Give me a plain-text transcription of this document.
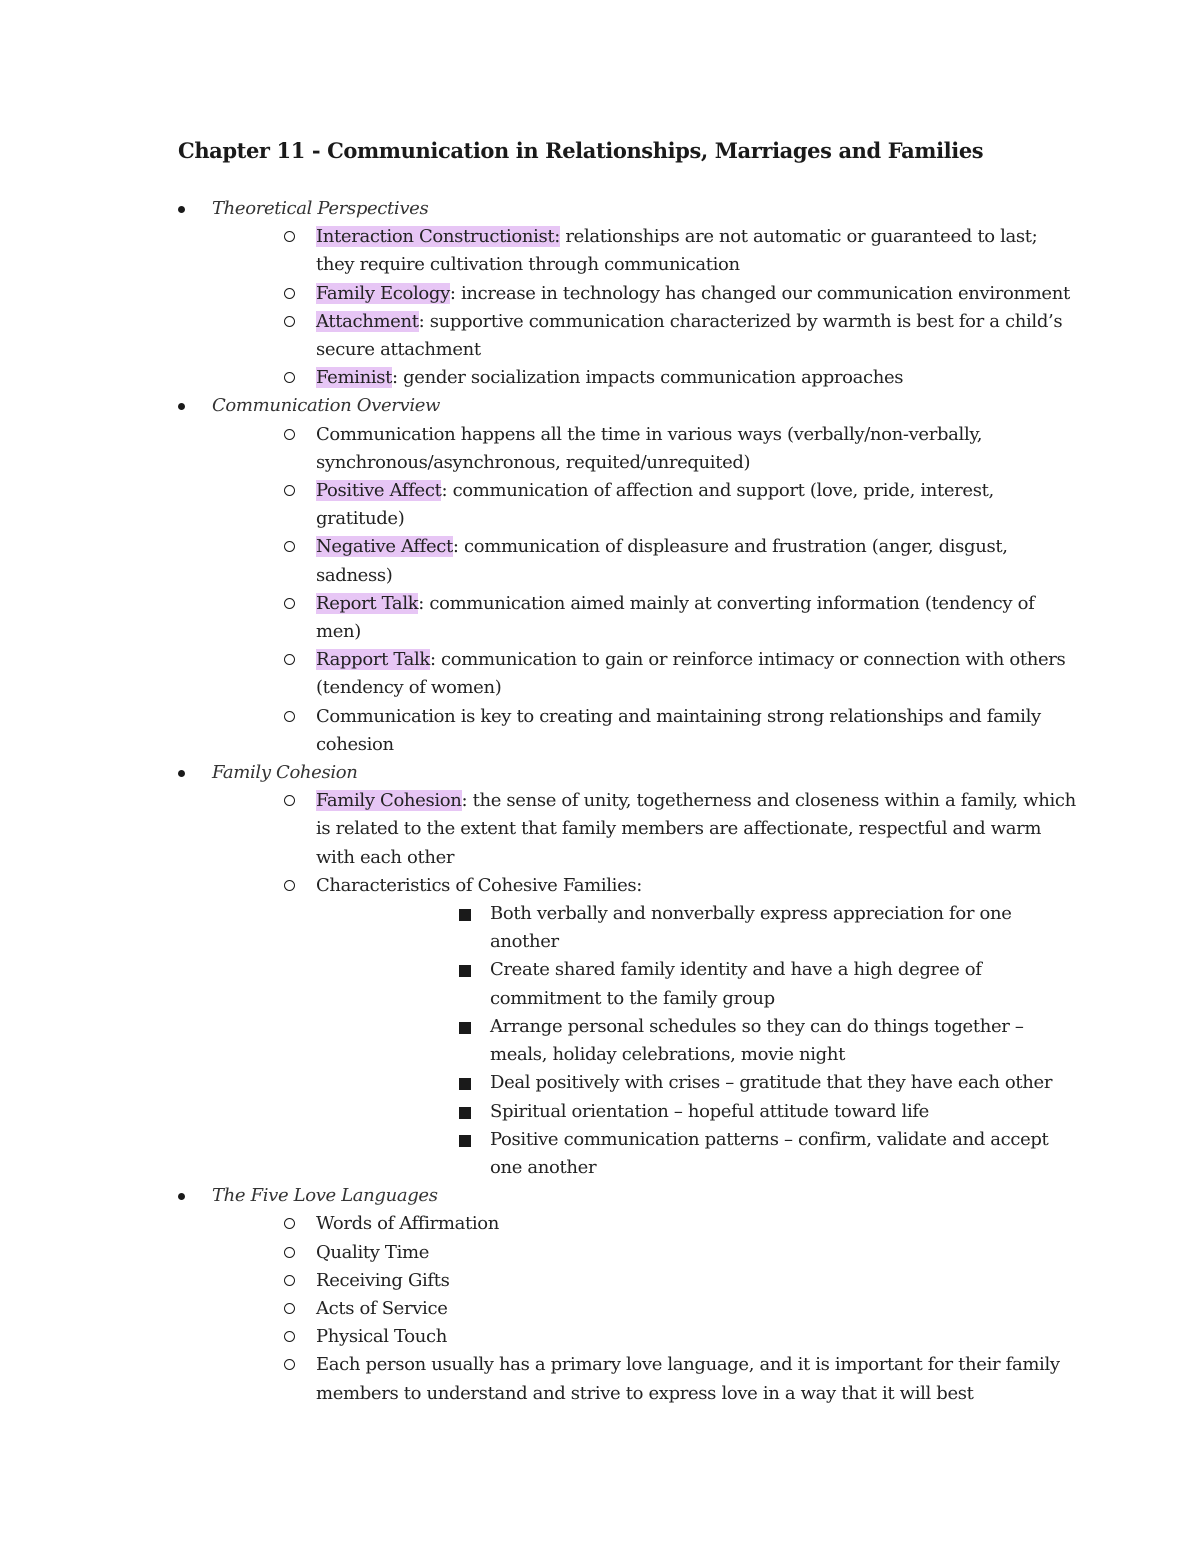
Chapter 11 - Communication in Relationships, Marriages and Families
Theoretical Perspectives
Interaction Constructionist: relationships are not automatic or guaranteed to last; they require cultivation through communication
Family Ecology: increase in technology has changed our communication environment
Attachment: supportive communication characterized by warmth is best for a child’s secure attachment
Feminist: gender socialization impacts communication approaches
Communication Overview
Communication happens all the time in various ways (verbally/non-verbally, synchronous/asynchronous, requited/unrequited)
Positive Affect: communication of affection and support (love, pride, interest, gratitude)
Negative Affect: communication of displeasure and frustration (anger, disgust, sadness)
Report Talk: communication aimed mainly at converting information (tendency of men)
Rapport Talk: communication to gain or reinforce intimacy or connection with others (tendency of women)
Communication is key to creating and maintaining strong relationships and family cohesion
Family Cohesion
Family Cohesion: the sense of unity, togetherness and closeness within a family, which is related to the extent that family members are affectionate, respectful and warm with each other
Characteristics of Cohesive Families:
Both verbally and nonverbally express appreciation for one another
Create shared family identity and have a high degree of commitment to the family group
Arrange personal schedules so they can do things together – meals, holiday celebrations, movie night
Deal positively with crises – gratitude that they have each other
Spiritual orientation – hopeful attitude toward life
Positive communication patterns – confirm, validate and accept one another
The Five Love Languages
Words of Affirmation
Quality Time
Receiving Gifts
Acts of Service
Physical Touch
Each person usually has a primary love language, and it is important for their family members to understand and strive to express love in a way that it will best
